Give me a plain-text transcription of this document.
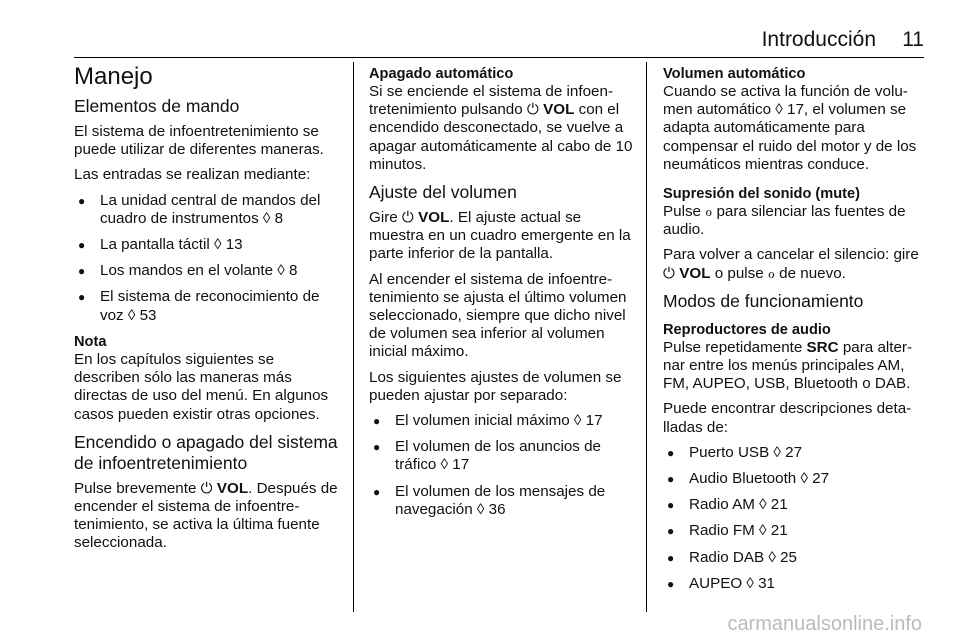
Introducción 11
Manejo
Elementos de mando

El sistema de infoentretenimiento se puede utilizar de diferentes maneras.

Las entradas se realizan mediante:

● La unidad central de mandos del cuadro de instrumentos ◊ 8
● La pantalla táctil ◊ 13
● Los mandos en el volante ◊ 8
● El sistema de reconocimiento de voz ◊ 53
Nota
En los capítulos siguientes se describen sólo las maneras más directas de uso del menú. En algunos casos pueden existir otras opciones.
Encendido o apagado del sistema de infoentretenimiento

Pulse brevemente ⏻ VOL. Después de encender el sistema de infoentretenimiento, se activa la última fuente seleccionada.

Apagado automático

Si se enciende el sistema de infoentretenimiento pulsando ⏻ VOL con el encendido desconectado, se vuelve a apagar automáticamente al cabo de 10 minutos.

Ajuste del volumen

Gire ⏻ VOL. El ajuste actual se muestra en un cuadro emergente en la parte inferior de la pantalla.

Al encender el sistema de infoentretenimiento se ajusta el último volumen seleccionado, siempre que dicho nivel de volumen sea inferior al volumen inicial máximo.

Los siguientes ajustes de volumen se pueden ajustar por separado:

● El volumen inicial máximo ◊ 17
● El volumen de los anuncios de tráfico ◊ 17
● El volumen de los mensajes de navegación ◊ 36
Volumen automático

Cuando se activa la función de volumen automático ◊ 17, el volumen se adapta automáticamente para compensar el ruido del motor y de los neumáticos mientras conduce.

Supresión del sonido (mute)

Pulse ℴ para silenciar las fuentes de audio.

Para volver a cancelar el silencio: gire ⏻ VOL o pulse ℴ de nuevo.

Modos de funcionamiento
Reproductores de audio

Pulse repetidamente SRC para alternar entre los menús principales AM, FM, AUPEO, USB, Bluetooth o DAB.

Puede encontrar descripciones detalladas de:

● Puerto USB ◊ 27
● Audio Bluetooth ◊ 27
● Radio AM ◊ 21
● Radio FM ◊ 21
● Radio DAB ◊ 25
● AUPEO ◊ 31
carmanualsonline.info
